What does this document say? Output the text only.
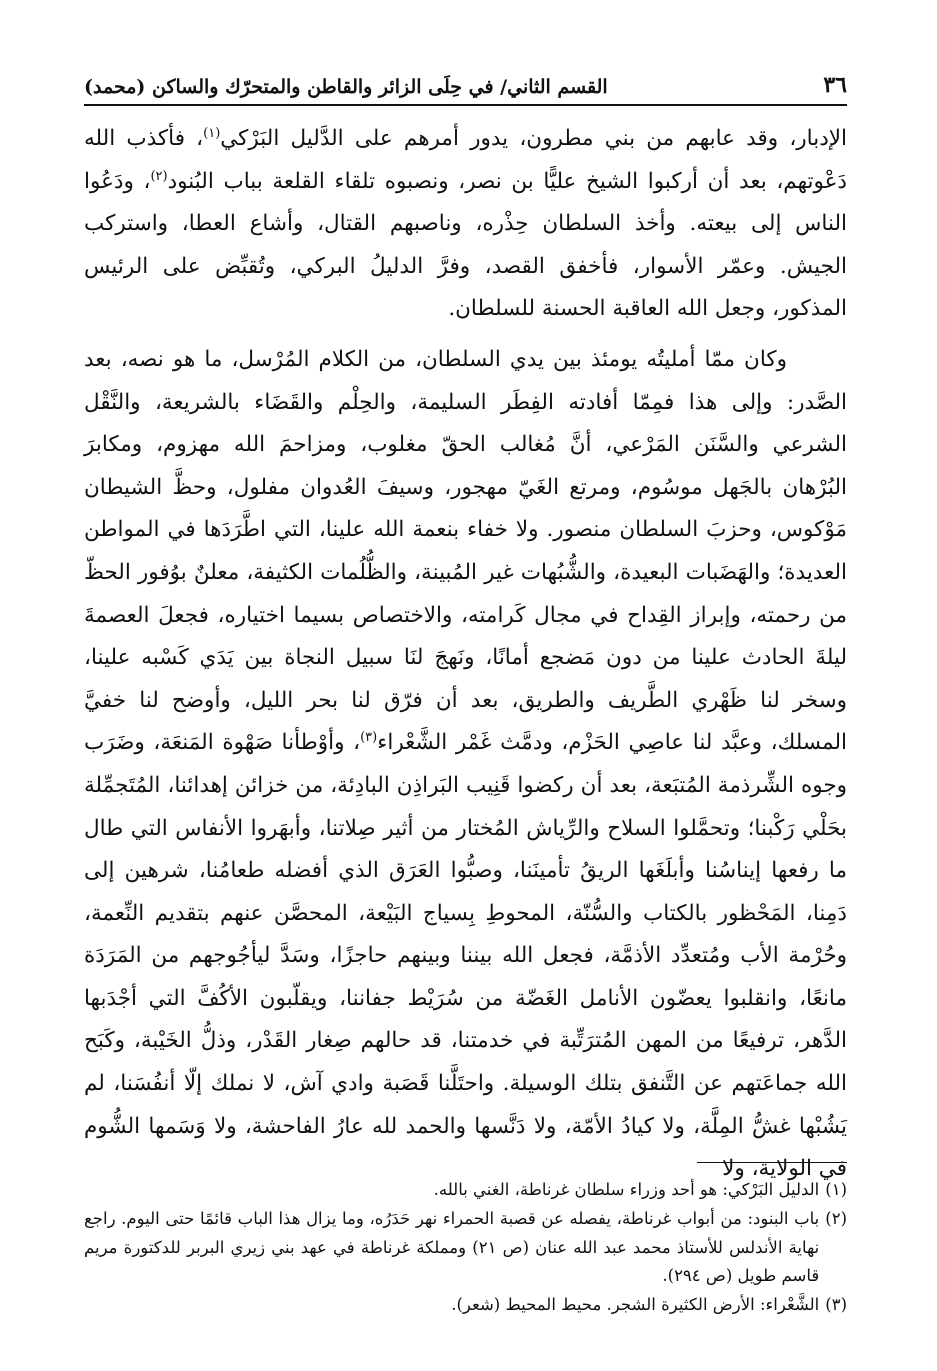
٣٦
القسم الثاني/ في حِلَى الزائر والقاطن والمتحرّك والساكن (محمد)

الإدبار، وقد عابهم من بني مطرون، يدور أمرهم على الدَّليل البَرْكي$^{(١)}$، فأكذب الله دَعْوتهم، بعد أن أركبوا الشيخ عليًّا بن نصر، ونصبوه تلقاء القلعة بباب البُنود$^{(٢)}$، ودَعُوا الناس إلى بيعته. وأخذ السلطان حِذْره، وناصبهم القتال، وأشاع العطا، واستركب الجيش. وعمّر الأسوار، فأخفق القصد، وفرَّ الدليلُ البركي، وتُقبِّض على الرئيس المذكور، وجعل الله العاقبة الحسنة للسلطان.

وكان ممّا أمليتُه يومئذ بين يدي السلطان، من الكلام المُرْسل، ما هو نصه، بعد الصَّدر: وإلى هذا فمِمّا أفادته الفِطَر السليمة، والحِلْم والقَضَاء بالشريعة، والنَّقْل الشرعي والسَّنَن المَرْعي، أنَّ مُغالب الحقّ مغلوب، ومزاحمَ الله مهزوم، ومكابرَ البُرْهان بالجَهل موسُوم، ومرتع الغَيّ مهجور، وسيفَ العُدوان مفلول، وحظَّ الشيطان مَوْكوس، وحزبَ السلطان منصور. ولا خفاء بنعمة الله علينا، التي اطَّرَدَها في المواطن العديدة؛ والهَضَبات البعيدة، والشُّبُهات غير المُبينة، والظُّلُمات الكثيفة، معلنٌ بوُفور الحظّ من رحمته، وإبراز القِداح في مجال كَرامته، والاختصاص بسيما اختياره، فجعلَ العصمةَ ليلةَ الحادث علينا من دون مَضجع أمانًا، ونَهجَ لنَا سبيل النجاة بين يَدَي كَسْبه علينا، وسخر لنا ظَهْري الطَّريف والطريق، بعد أن فرّق لنا بحر الليل، وأوضح لنا خفيَّ المسلك، وعبَّد لنا عاصِي الحَزْم، ودمَّث غَمْر الشَّعْراء$^{(٣)}$، وأوْطأنا صَهْوة المَنعَة، وضَرَب وجوه الشِّرذمة المُتبَعة، بعد أن ركضوا قَنِيب البَراذِن البادِئة، من خزائن إهدائنا، المُتَجمِّلة بحَلْي رَكْبنا؛ وتحمَّلوا السلاح والرِّياش المُختار من أثير صِلاتنا، وأبهَروا الأنفاس التي طال ما رفعها إيناسُنا وأبلَغَها الريقُ تأمينَنا، وصبُّوا العَرَق الذي أفضله طعامُنا، شرهين إلى دَمِنا، المَحْظور بالكتاب والسُّنّة، المحوطِ بِسياج البَيْعة، المحصَّن عنهم بتقديم النِّعمة، وحُرْمة الأب ومُتعدِّد الأذمَّة، فجعل الله بيننا وبينهم حاجزًا، وسَدَّ ليأجُوجهم من المَرَدَة مانعًا، وانقلبوا يعضّون الأنامل الغَضّة من سُرَيْط جفاننا، ويقلّبون الأكُفَّ التي أجْدَبها الدَّهر، ترفيعًا من المهن المُترَتِّبة في خدمتنا، قد حالهم صِغار القَدْر، وذلُّ الخَيْبة، وكَبَح الله جماعَتهم عن التَّنفق بتلك الوسيلة. واحتَلَّنا قَصَبة وادي آش، لا نملك إلّا أنفُسَنا، لم يَشُبْها غشُّ المِلَّة، ولا كيادُ الأمّة، ولا دَنَّسها والحمد لله عارُ الفاحشة، ولا وَسَمها الشُّوم في الولاية، ولا

(١)
الدليل البَرْكي: هو أحد وزراء سلطان غرناطة، الغني بالله.

(٢)
باب البنود: من أبواب غرناطة، يفصله عن قصبة الحمراء نهر حَدَرُه، وما يزال هذا الباب قائمًا حتى اليوم. راجع نهاية الأندلس للأستاذ محمد عبد الله عنان (ص ٢١) ومملكة غرناطة في عهد بني زيري البربر للدكتورة مريم قاسم طويل (ص ٢٩٤).

(٣)
الشَّعْراء: الأرض الكثيرة الشجر. محيط المحيط (شعر).
